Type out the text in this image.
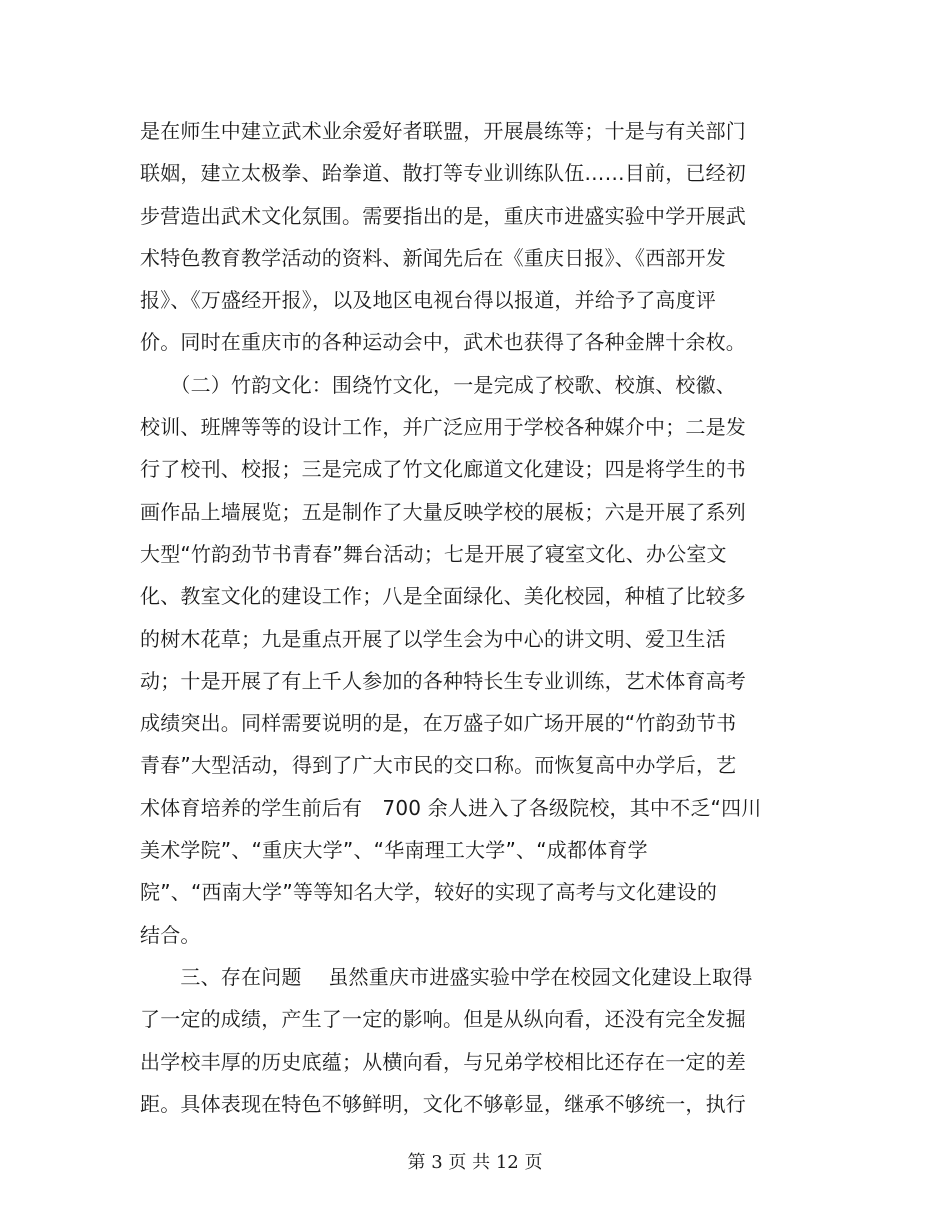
是在师生中建立武术业余爱好者联盟，开展晨练等；十是与有关部门
联姻，建立太极拳、跆拳道、散打等专业训练队伍……目前，已经初
步营造出武术文化氛围。需要指出的是，重庆市进盛实验中学开展武
术特色教育教学活动的资料、新闻先后在《重庆日报》、《西部开发
报》、《万盛经开报》，以及地区电视台得以报道，并给予了高度评
价。同时在重庆市的各种运动会中，武术也获得了各种金牌十余枚。
　　（二）竹韵文化：围绕竹文化，一是完成了校歌、校旗、校徽、
校训、班牌等等的设计工作，并广泛应用于学校各种媒介中；二是发
行了校刊、校报；三是完成了竹文化廊道文化建设；四是将学生的书
画作品上墙展览；五是制作了大量反映学校的展板；六是开展了系列
大型“竹韵劲节书青春”舞台活动；七是开展了寝室文化、办公室文
化、教室文化的建设工作；八是全面绿化、美化校园，种植了比较多
的树木花草；九是重点开展了以学生会为中心的讲文明、爱卫生活
动；十是开展了有上千人参加的各种特长生专业训练，艺术体育高考
成绩突出。同样需要说明的是，在万盛子如广场开展的“竹韵劲节书
青春”大型活动，得到了广大市民的交口称。而恢复高中办学后，艺
术体育培养的学生前后有　700 余人进入了各级院校，其中不乏“四川
美术学院”、“重庆大学”、“华南理工大学”、“成都体育学
院”、“西南大学”等等知名大学，较好的实现了高考与文化建设的
结合。
　　三、存在问题　 虽然重庆市进盛实验中学在校园文化建设上取得
了一定的成绩，产生了一定的影响。但是从纵向看，还没有完全发掘
出学校丰厚的历史底蕴；从横向看，与兄弟学校相比还存在一定的差
距。具体表现在特色不够鲜明，文化不够彰显，继承不够统一，执行
第 3 页 共 12 页
